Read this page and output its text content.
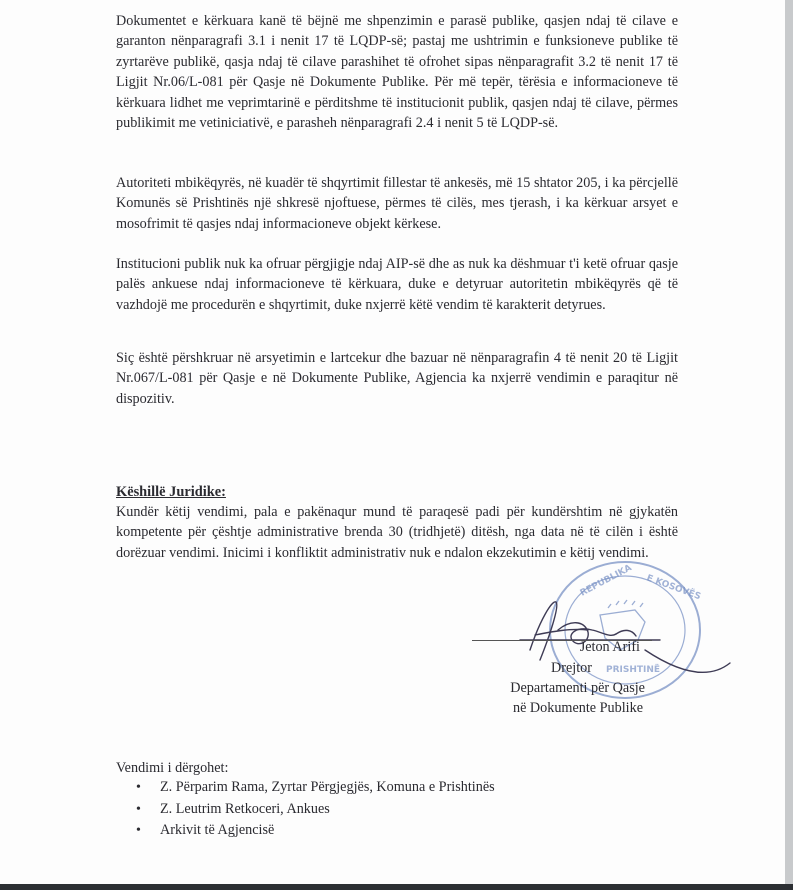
Dokumentet e kërkuara kanë të bëjnë me shpenzimin e parasë publike, qasjen ndaj të cilave e garanton nënparagrafi 3.1 i nenit 17 të LQDP-së; pastaj me ushtrimin e funksioneve publike të zyrtarëve publikë, qasja ndaj të cilave parashihet të ofrohet sipas nënparagrafit 3.2 të nenit 17 të Ligjit Nr.06/L-081 për Qasje në Dokumente Publike. Për më tepër, tërësia e informacioneve të kërkuara lidhet me veprimtarinë e përditshme të institucionit publik, qasjen ndaj të cilave, përmes publikimit me vetiniciativë, e parasheh nënparagrafi 2.4 i nenit 5 të LQDP-së.

Autoriteti mbikëqyrës, në kuadër të shqyrtimit fillestar të ankesës, më 15 shtator 205, i ka përcjellë Komunës së Prishtinës një shkresë njoftuese, përmes të cilës, mes tjerash, i ka kërkuar arsyet e mosofrimit të qasjes ndaj informacioneve objekt kërkese.

Institucioni publik nuk ka ofruar përgjigje ndaj AIP-së dhe as nuk ka dëshmuar t'i ketë ofruar qasje palës ankuese ndaj informacioneve të kërkuara, duke e detyruar autoritetin mbikëqyrës që të vazhdojë me procedurën e shqyrtimit, duke nxjerrë këtë vendim të karakterit detyrues.

Siç është përshkruar në arsyetimin e lartcekur dhe bazuar në nënparagrafin 4 të nenit 20 të Ligjit Nr.067/L-081 për Qasje e në Dokumente Publike, Agjencia ka nxjerrë vendimin e paraqitur në dispozitiv.

Këshillë Juridike:

Kundër këtij vendimi, pala e pakënaqur mund të paraqesë padi për kundërshtim në gjykatën kompetente për çështje administrative brenda 30 (tridhjetë) ditësh, nga data në të cilën i është dorëzuar vendimi. Inicimi i konfliktit administrativ nuk e ndalon ekzekutimin e këtij vendimi.

REPUBLIKA E KOSOVËS
PRISHTINË
Jeton Arifi
Drejtor
Departamenti për Qasje
në Dokumente Publike

Vendimi i dërgohet:

• Z. Përparim Rama, Zyrtar Përgjegjës, Komuna e Prishtinës
• Z. Leutrim Retkoceri, Ankues
• Arkivit të Agjencisë
